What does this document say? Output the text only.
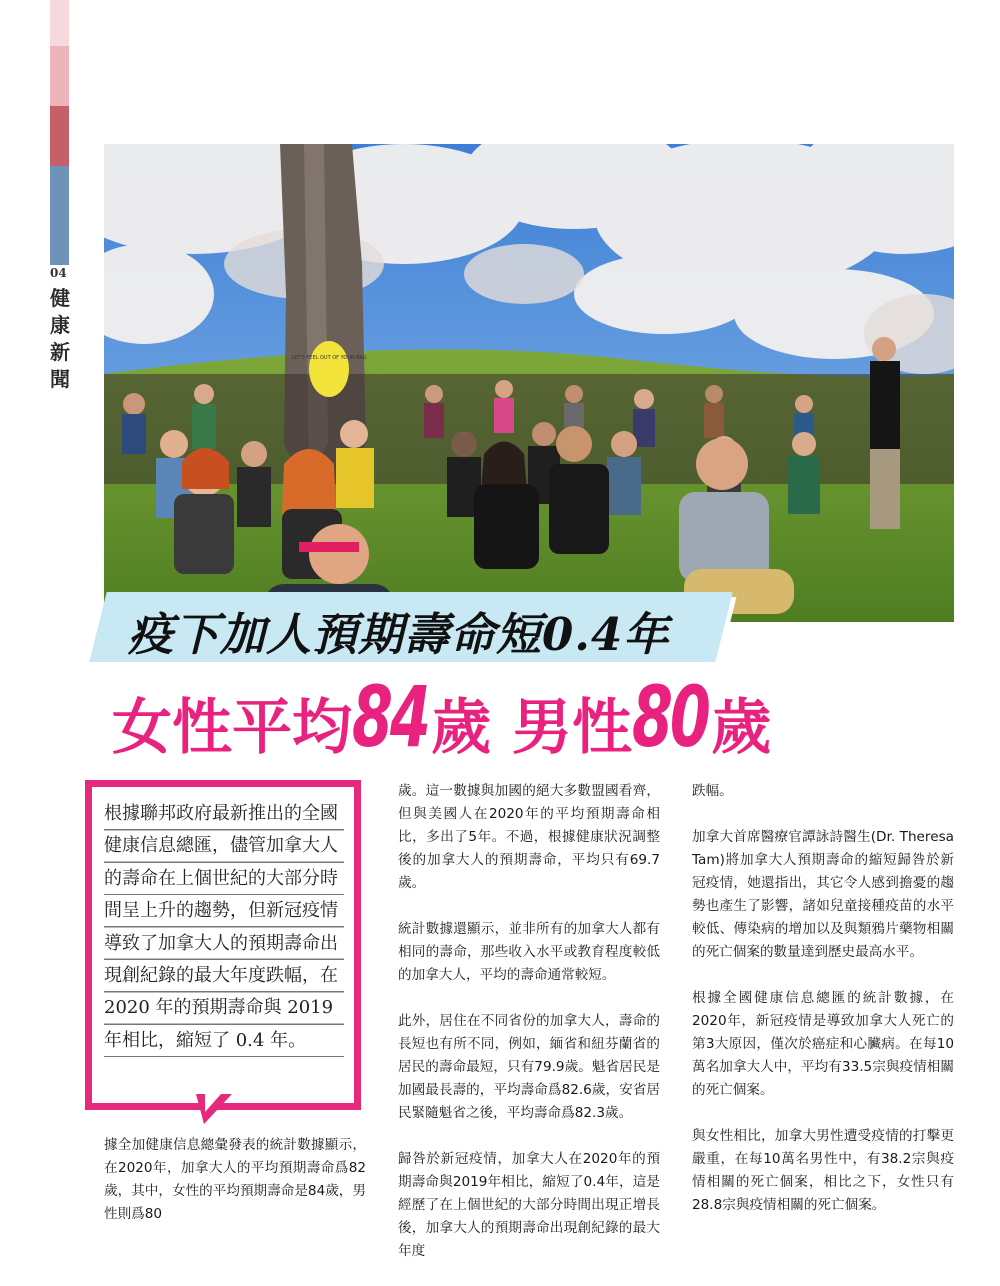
04
健
康
新
聞
LET'S FEEL OUT OF YOUR BAG
疫下加人預期壽命短0.4年
女性平均84歲 男性80歲
根據聯邦政府最新推出的全國健康信息總匯，儘管加拿大人的壽命在上個世紀的大部分時間呈上升的趨勢，但新冠疫情導致了加拿大人的預期壽命出現創紀錄的最大年度跌幅，在 2020 年的預期壽命與 2019 年相比，縮短了 0.4 年。

據全加健康信息總彙發表的統計數據顯示，在2020年，加拿大人的平均預期壽命爲82歲，其中，女性的平均預期壽命是84歲，男性則爲80

歲。這一數據與加國的絕大多數盟國看齊，但與美國人在2020年的平均預期壽命相比，多出了5年。不過，根據健康狀況調整後的加拿大人的預期壽命，平均只有69.7歲。

統計數據還顯示，並非所有的加拿大人都有相同的壽命，那些收入水平或教育程度較低的加拿大人，平均的壽命通常較短。

此外，居住在不同省份的加拿大人，壽命的長短也有所不同，例如，緬省和紐芬蘭省的居民的壽命最短，只有79.9歲。魁省居民是加國最長壽的，平均壽命爲82.6歲，安省居民緊隨魁省之後，平均壽命爲82.3歲。

歸咎於新冠疫情，加拿大人在2020年的預期壽命與2019年相比，縮短了0.4年，這是經歷了在上個世紀的大部分時間出現正增長後，加拿大人的預期壽命出現創紀錄的最大年度

跌幅。

加拿大首席醫療官譚詠詩醫生(Dr. Theresa Tam)將加拿大人預期壽命的縮短歸咎於新冠疫情，她還指出，其它令人感到擔憂的趨勢也產生了影響，諸如兒童接種疫苗的水平較低、傳染病的增加以及與類鴉片藥物相關的死亡個案的數量達到歷史最高水平。

根據全國健康信息總匯的統計數據，在2020年，新冠疫情是導致加拿大人死亡的第3大原因，僅次於癌症和心臟病。在每10萬名加拿大人中，平均有33.5宗與疫情相關的死亡個案。

與女性相比，加拿大男性遭受疫情的打擊更嚴重，在每10萬名男性中，有38.2宗與疫情相關的死亡個案，相比之下，女性只有28.8宗與疫情相關的死亡個案。
